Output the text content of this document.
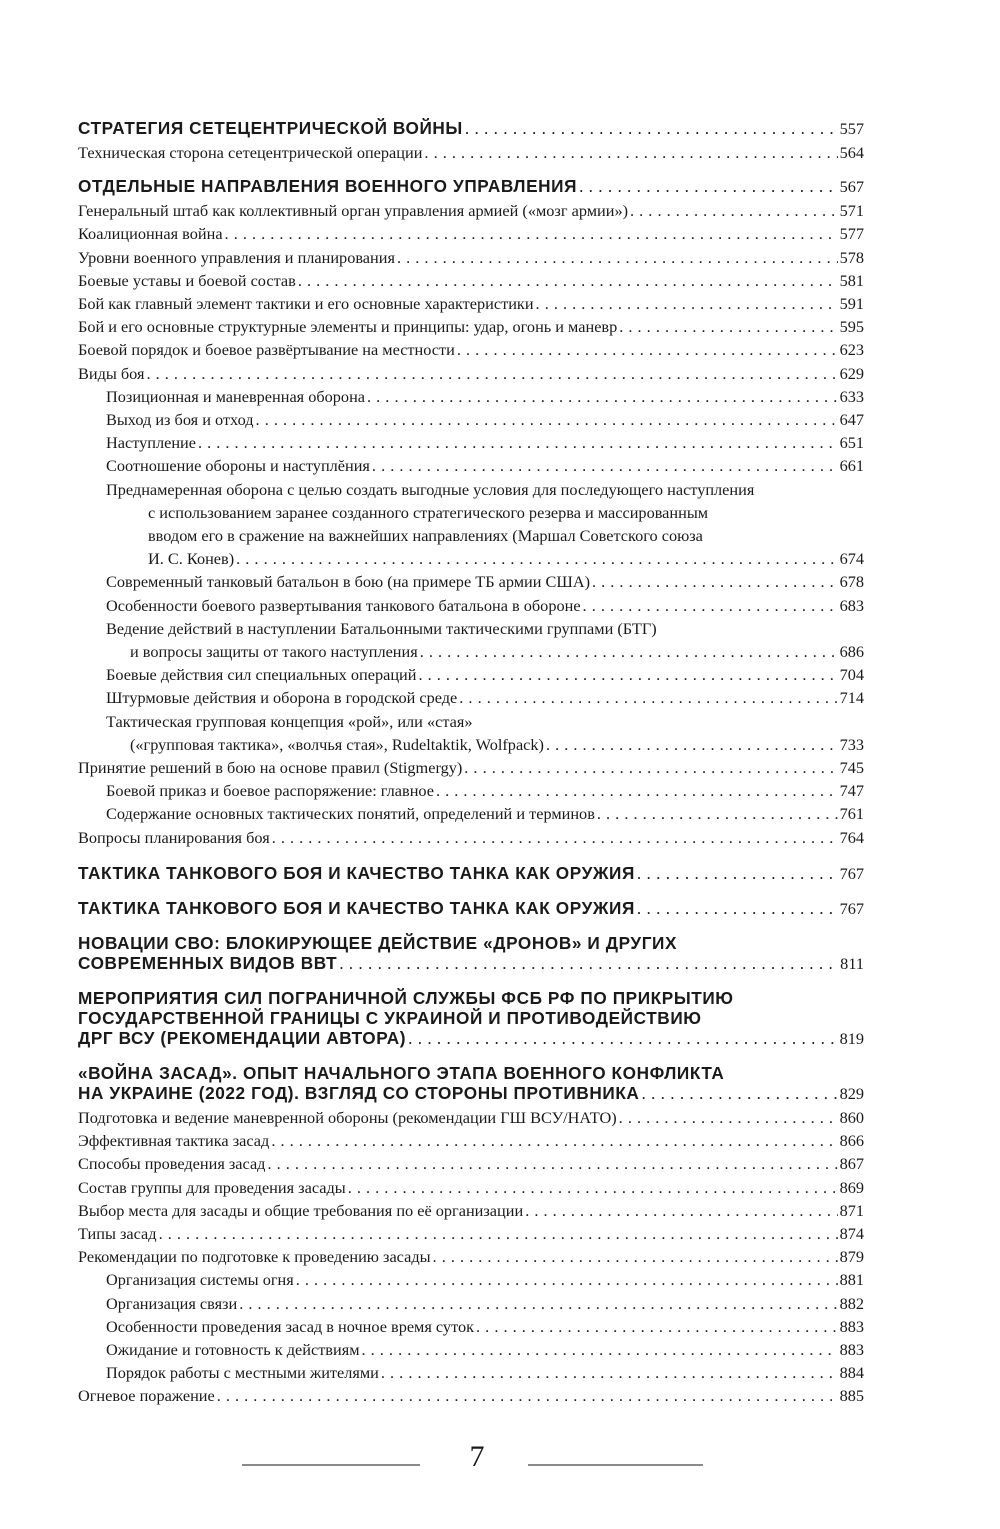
СТРАТЕГИЯ СЕТЕЦЕНТРИЧЕСКОЙ ВОЙНЫ . . .	557
Техническая сторона сетецентрической операции . . .	564
ОТДЕЛЬНЫЕ НАПРАВЛЕНИЯ ВОЕННОГО УПРАВЛЕНИЯ . . .	567
Генеральный штаб как коллективный орган управления армией («мозг армии») . . .	571
Коалиционная война . . .	577
Уровни военного управления и планирования . . .	578
Боевые уставы и боевой состав . . .	581
Бой как главный элемент тактики и его основные характеристики . . .	591
Бой и его основные структурные элементы и принципы: удар, огонь и маневр . . .	595
Боевой порядок и боевое развёртывание на местности . . .	623
Виды боя . . .	629
Позиционная и маневренная оборона . . .	633
Выход из боя и отход . . .	647
Наступление . . .	651
Соотношение обороны и наступлĕния . . .	661
Преднамеренная оборона с целью создать выгодные условия для последующего наступления
с использованием заранее созданного стратегического резерва и массированным
вводом его в сражение на важнейших направлениях (Маршал Советского союза
И. С. Конев) . . .	674
Современный танковый батальон в бою (на примере ТБ армии США) . . .	678
Особенности боевого развертывания танкового батальона в обороне . . .	683
Ведение действий в наступлении Батальонными тактическими группами (БТГ)
и вопросы защиты от такого наступления . . .	686
Боевые действия сил специальных операций . . .	704
Штурмовые действия и оборона в городской среде . . .	714
Тактическая групповая концепция «рой», или «стая»
(«групповая тактика», «волчья стая», Rudeltaktik, Wolfpack) . . .	733
Принятие решений в бою на основе правил (Stigmergy) . . .	745
Боевой приказ и боевое распоряжение: главное . . .	747
Содержание основных тактических понятий, определений и терминов . . .	761
Вопросы планирования боя . . .	764
ТАКТИКА ТАНКОВОГО БОЯ И КАЧЕСТВО ТАНКА КАК ОРУЖИЯ . . .	767
ТАКТИКА ТАНКОВОГО БОЯ И КАЧЕСТВО ТАНКА КАК ОРУЖИЯ . . .	767
НОВАЦИИ СВО: БЛОКИРУЮЩЕЕ ДЕЙСТВИЕ «ДРОНОВ» И ДРУГИХ
СОВРЕМЕННЫХ ВИДОВ ВВТ . . .	811
МЕРОПРИЯТИЯ СИЛ ПОГРАНИЧНОЙ СЛУЖБЫ ФСБ РФ ПО ПРИКРЫТИЮ
ГОСУДАРСТВЕННОЙ ГРАНИЦЫ С УКРАИНОЙ И ПРОТИВОДЕЙСТВИЮ
ДРГ ВСУ (РЕКОМЕНДАЦИИ АВТОРА) . . .	819
«ВОЙНА ЗАСАД». ОПЫТ НАЧАЛЬНОГО ЭТАПА ВОЕННОГО КОНФЛИКТА
НА УКРАИНЕ (2022 ГОД). ВЗГЛЯД СО СТОРОНЫ ПРОТИВНИКА . . .	829
Подготовка и ведение маневренной обороны (рекомендации ГШ ВСУ/НАТО) . . .	860
Эффективная тактика засад . . .	866
Способы проведения засад . . .	867
Состав группы для проведения засады . . .	869
Выбор места для засады и общие требования по её организации . . .	871
Типы засад . . .	874
Рекомендации по подготовке к проведению засады . . .	879
Организация системы огня . . .	881
Организация связи . . .	882
Особенности проведения засад в ночное время суток . . .	883
Ожидание и готовность к действиям . . .	883
Порядок работы с местными жителями . . .	884
Огневое поражение . . .	885
7
